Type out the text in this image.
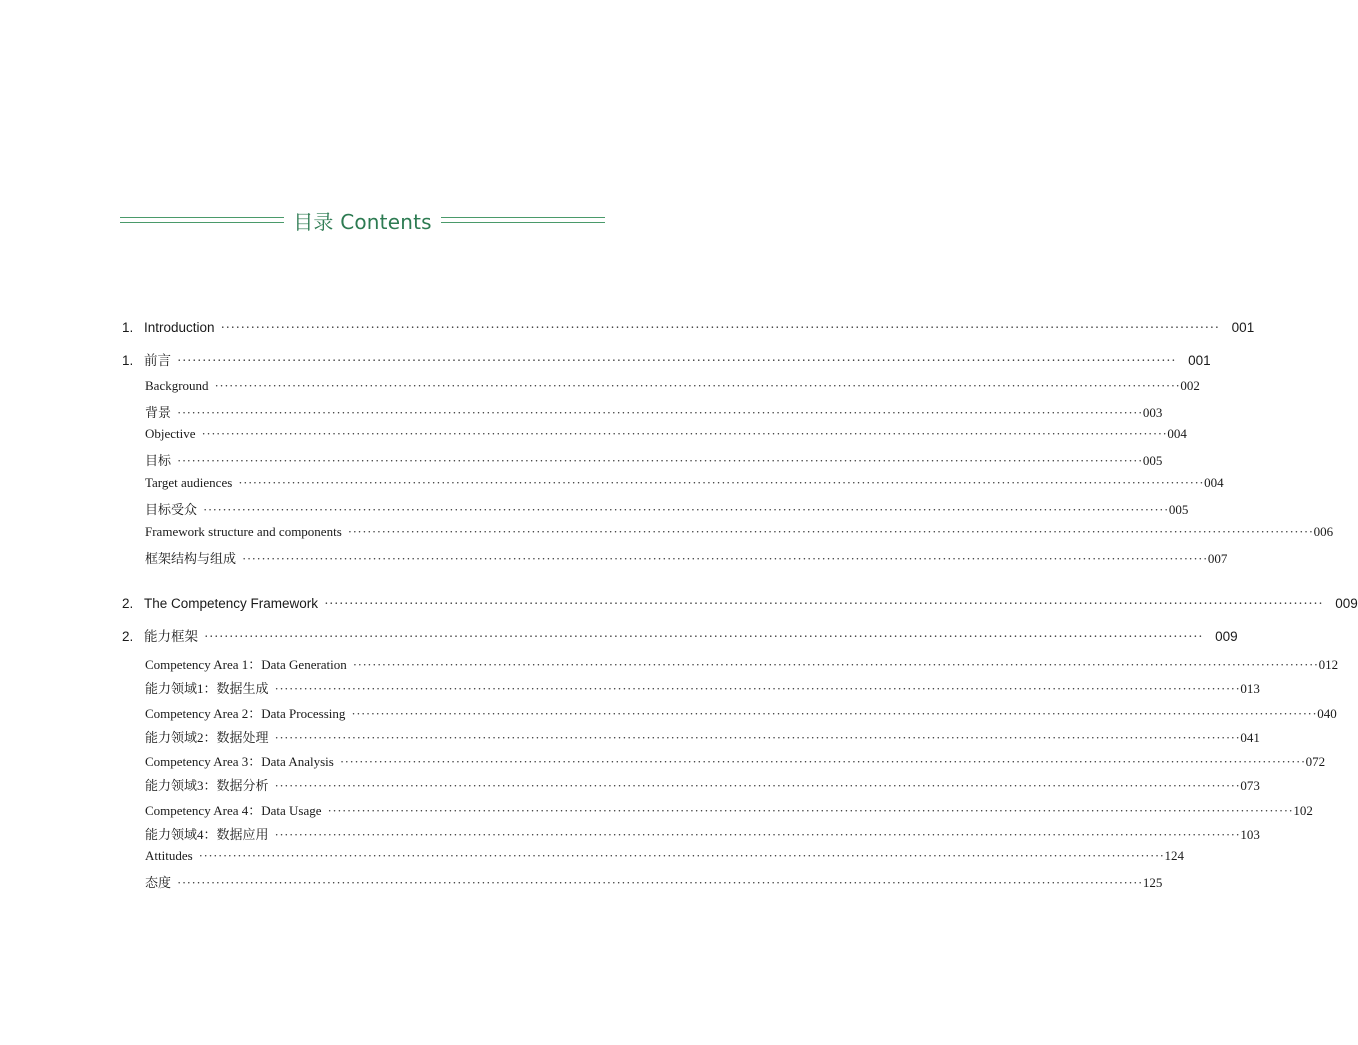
目录 Contents
1. Introduction ········································································································································································································ 001
1. 前言 ········································································································································································································ 001
Background ········································································································································································································ 002
背景 ········································································································································································································ 003
Objective ········································································································································································································ 004
目标 ········································································································································································································ 005
Target audiences ········································································································································································································ 004
目标受众 ········································································································································································································ 005
Framework structure and components ········································································································································································································ 006
框架结构与组成 ········································································································································································································ 007
2. The Competency Framework ········································································································································································································ 009
2. 能力框架 ········································································································································································································ 009
Competency Area 1：Data Generation ········································································································································································································ 012
能力领域1：数据生成 ········································································································································································································ 013
Competency Area 2：Data Processing ········································································································································································································ 040
能力领域2：数据处理 ········································································································································································································ 041
Competency Area 3：Data Analysis ········································································································································································································ 072
能力领域3：数据分析 ········································································································································································································ 073
Competency Area 4：Data Usage ········································································································································································································ 102
能力领域4：数据应用 ········································································································································································································ 103
Attitudes ········································································································································································································ 124
态度 ········································································································································································································ 125
